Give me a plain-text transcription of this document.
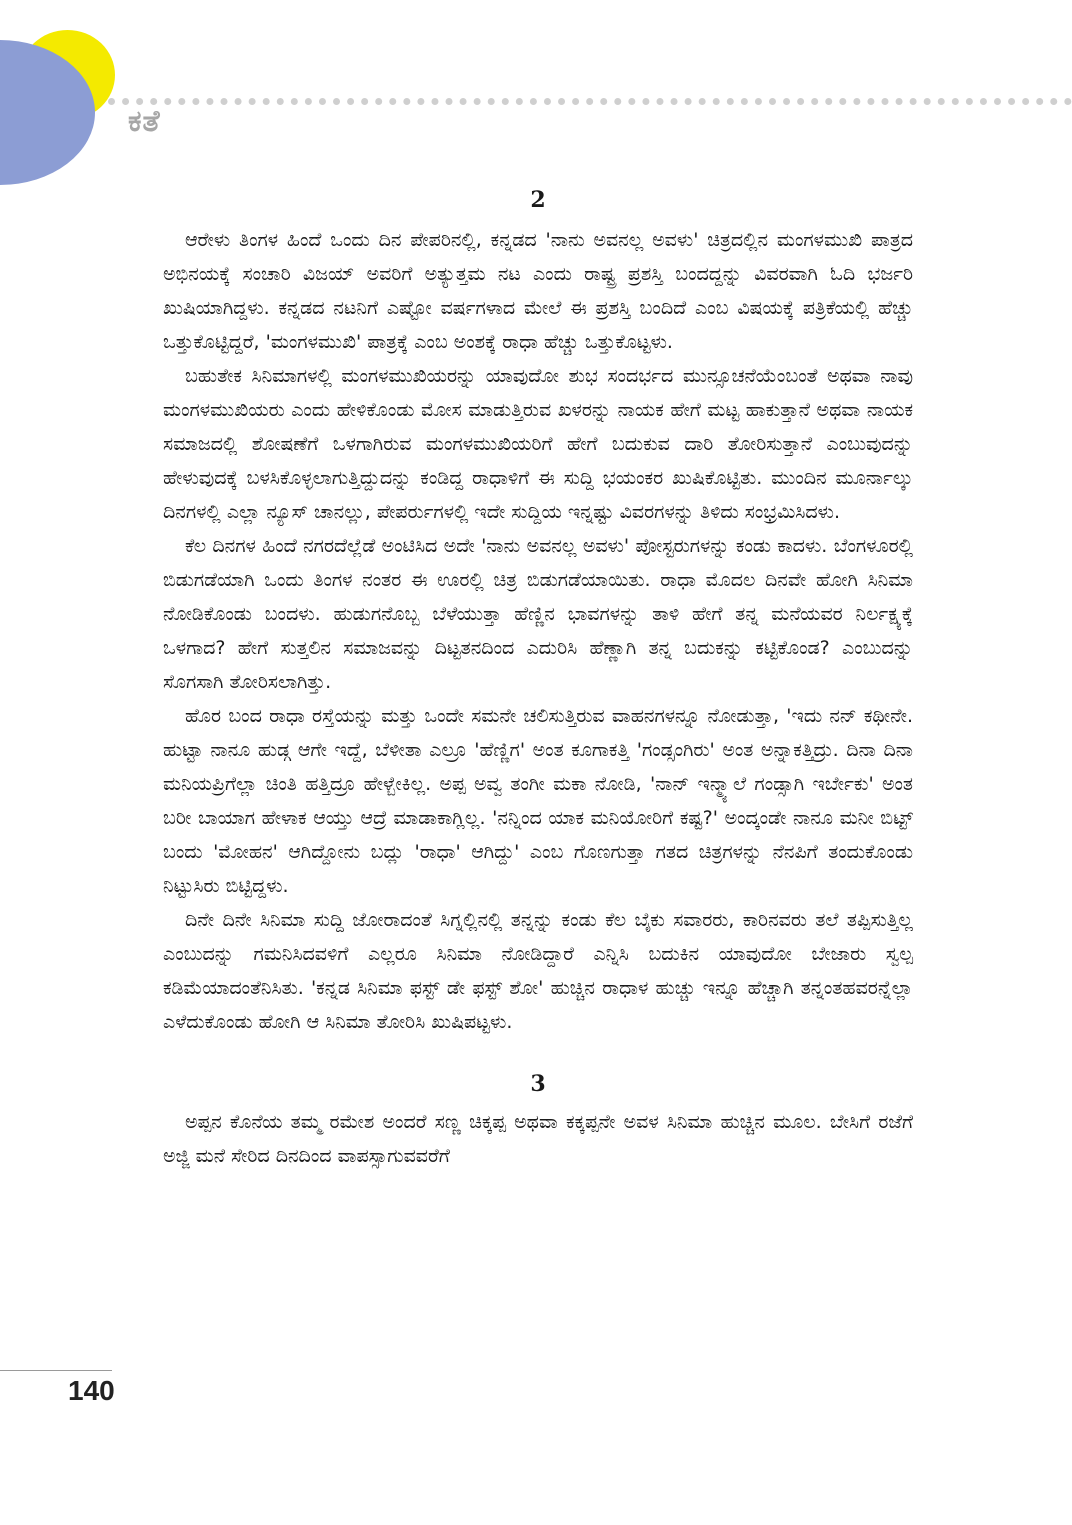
ಕತೆ
2

ಆರೇಳು ತಿಂಗಳ ಹಿಂದೆ ಒಂದು ದಿನ ಪೇಪರಿನಲ್ಲಿ, ಕನ್ನಡದ 'ನಾನು ಅವನಲ್ಲ ಅವಳು' ಚಿತ್ರದಲ್ಲಿನ ಮಂಗಳಮುಖಿ ಪಾತ್ರದ ಅಭಿನಯಕ್ಕೆ ಸಂಚಾರಿ ವಿಜಯ್ ಅವರಿಗೆ ಅತ್ಯುತ್ತಮ ನಟ ಎಂದು ರಾಷ್ಟ್ರ ಪ್ರಶಸ್ತಿ ಬಂದದ್ದನ್ನು ವಿವರವಾಗಿ ಓದಿ ಭರ್ಜರಿ ಖುಷಿಯಾಗಿದ್ದಳು. ಕನ್ನಡದ ನಟನಿಗೆ ಎಷ್ಟೋ ವರ್ಷಗಳಾದ ಮೇಲೆ ಈ ಪ್ರಶಸ್ತಿ ಬಂದಿದೆ ಎಂಬ ವಿಷಯಕ್ಕೆ ಪತ್ರಿಕೆಯಲ್ಲಿ ಹೆಚ್ಚು ಒತ್ತುಕೊಟ್ಟಿದ್ದರೆ, 'ಮಂಗಳಮುಖಿ' ಪಾತ್ರಕ್ಕೆ ಎಂಬ ಅಂಶಕ್ಕೆ ರಾಧಾ ಹೆಚ್ಚು ಒತ್ತುಕೊಟ್ಟಳು.

ಬಹುತೇಕ ಸಿನಿಮಾಗಳಲ್ಲಿ ಮಂಗಳಮುಖಿಯರನ್ನು ಯಾವುದೋ ಶುಭ ಸಂದರ್ಭದ ಮುನ್ಸೂಚನೆಯೆಂಬಂತೆ ಅಥವಾ ನಾವು ಮಂಗಳಮುಖಿಯರು ಎಂದು ಹೇಳಿಕೊಂಡು ಮೋಸ ಮಾಡುತ್ತಿರುವ ಖಳರನ್ನು ನಾಯಕ ಹೇಗೆ ಮಟ್ಟ ಹಾಕುತ್ತಾನೆ ಅಥವಾ ನಾಯಕ ಸಮಾಜದಲ್ಲಿ ಶೋಷಣೆಗೆ ಒಳಗಾಗಿರುವ ಮಂಗಳಮುಖಿಯರಿಗೆ ಹೇಗೆ ಬದುಕುವ ದಾರಿ ತೋರಿಸುತ್ತಾನೆ ಎಂಬುವುದನ್ನು ಹೇಳುವುದಕ್ಕೆ ಬಳಸಿಕೊಳ್ಳಲಾಗುತ್ತಿದ್ದುದನ್ನು ಕಂಡಿದ್ದ ರಾಧಾಳಿಗೆ ಈ ಸುದ್ದಿ ಭಯಂಕರ ಖುಷಿಕೊಟ್ಟಿತು. ಮುಂದಿನ ಮೂರ್ನಾಲ್ಕು ದಿನಗಳಲ್ಲಿ ಎಲ್ಲಾ ನ್ಯೂಸ್ ಚಾನಲ್ಲು, ಪೇಪರ್ರುಗಳಲ್ಲಿ ಇದೇ ಸುದ್ದಿಯ ಇನ್ನಷ್ಟು ವಿವರಗಳನ್ನು ತಿಳಿದು ಸಂಭ್ರಮಿಸಿದಳು.

ಕೆಲ ದಿನಗಳ ಹಿಂದೆ ನಗರದೆಲ್ಲೆಡೆ ಅಂಟಿಸಿದ ಅದೇ 'ನಾನು ಅವನಲ್ಲ ಅವಳು' ಪೋಸ್ಟರುಗಳನ್ನು ಕಂಡು ಕಾದಳು. ಬೆಂಗಳೂರಲ್ಲಿ ಬಿಡುಗಡೆಯಾಗಿ ಒಂದು ತಿಂಗಳ ನಂತರ ಈ ಊರಲ್ಲಿ ಚಿತ್ರ ಬಿಡುಗಡೆಯಾಯಿತು. ರಾಧಾ ಮೊದಲ ದಿನವೇ ಹೋಗಿ ಸಿನಿಮಾ ನೋಡಿಕೊಂಡು ಬಂದಳು. ಹುಡುಗನೊಬ್ಬ ಬೆಳೆಯುತ್ತಾ ಹೆಣ್ಣಿನ ಭಾವಗಳನ್ನು ತಾಳಿ ಹೇಗೆ ತನ್ನ ಮನೆಯವರ ನಿರ್ಲಕ್ಷ್ಯಕ್ಕೆ ಒಳಗಾದ? ಹೇಗೆ ಸುತ್ತಲಿನ ಸಮಾಜವನ್ನು ದಿಟ್ಟತನದಿಂದ ಎದುರಿಸಿ ಹೆಣ್ಣಾಗಿ ತನ್ನ ಬದುಕನ್ನು ಕಟ್ಟಿಕೊಂಡ? ಎಂಬುದನ್ನು ಸೊಗಸಾಗಿ ತೋರಿಸಲಾಗಿತ್ತು.

ಹೊರ ಬಂದ ರಾಧಾ ರಸ್ತೆಯನ್ನು ಮತ್ತು ಒಂದೇ ಸಮನೇ ಚಲಿಸುತ್ತಿರುವ ವಾಹನಗಳನ್ನೂ ನೋಡುತ್ತಾ, 'ಇದು ನನ್ ಕಥೀನೇ. ಹುಟ್ಟಾ ನಾನೂ ಹುಡ್ಗ ಆಗೇ ಇದ್ದೆ, ಬೆಳೀತಾ ಎಲ್ರೂ 'ಹೆಣ್ಣಿಗ' ಅಂತ ಕೂಗಾಕತ್ತಿ 'ಗಂಡ್ಸಂಗಿರು' ಅಂತ ಅನ್ನಾಕತ್ತಿದ್ರು. ದಿನಾ ದಿನಾ ಮನಿಯಪ್ರಿಗೆಲ್ಲಾ ಚಿಂತಿ ಹತ್ತಿದ್ರೂ ಹೇಳ್ಬೇಕಿಲ್ಲ. ಅಪ್ಪ ಅವ್ವ ತಂಗೀ ಮಕಾ ನೋಡಿ, 'ನಾನ್ ಇನ್ಮ್ಯಾಲೆ ಗಂಡ್ಸಾಗಿ ಇರ್ಬೇಕು' ಅಂತ ಬರೀ ಬಾಯಾಗ ಹೇಳಾಕ ಆಯ್ತು ಆದ್ರೆ ಮಾಡಾಕಾಗ್ಲಿಲ್ಲ. 'ನನ್ನಿಂದ ಯಾಕ ಮನಿಯೋರಿಗೆ ಕಷ್ಟ?' ಅಂದ್ಕಂಡೇ ನಾನೂ ಮನೀ ಬಿಟ್ಟ್ ಬಂದು 'ಮೋಹನ' ಆಗಿದ್ದೋನು ಬದ್ಲು 'ರಾಧಾ' ಆಗಿದ್ದು' ಎಂಬ ಗೊಣಗುತ್ತಾ ಗತದ ಚಿತ್ರಗಳನ್ನು ನೆನಪಿಗೆ ತಂದುಕೊಂಡು ನಿಟ್ಟುಸಿರು ಬಿಟ್ಟಿದ್ದಳು.

ದಿನೇ ದಿನೇ ಸಿನಿಮಾ ಸುದ್ದಿ ಜೋರಾದಂತೆ ಸಿಗ್ನಲ್ಲಿನಲ್ಲಿ ತನ್ನನ್ನು ಕಂಡು ಕೆಲ ಬೈಕು ಸವಾರರು, ಕಾರಿನವರು ತಲೆ ತಪ್ಪಿಸುತ್ತಿಲ್ಲ ಎಂಬುದನ್ನು ಗಮನಿಸಿದವಳಿಗೆ ಎಲ್ಲರೂ ಸಿನಿಮಾ ನೋಡಿದ್ದಾರೆ ಎನ್ನಿಸಿ ಬದುಕಿನ ಯಾವುದೋ ಬೇಜಾರು ಸ್ವಲ್ಪ ಕಡಿಮೆಯಾದಂತೆನಿಸಿತು. 'ಕನ್ನಡ ಸಿನಿಮಾ ಫಸ್ಟ್ ಡೇ ಫಸ್ಟ್ ಶೋ' ಹುಚ್ಚಿನ ರಾಧಾಳ ಹುಚ್ಚು ಇನ್ನೂ ಹೆಚ್ಚಾಗಿ ತನ್ನಂತಹವರನ್ನೆಲ್ಲಾ ಎಳೆದುಕೊಂಡು ಹೋಗಿ ಆ ಸಿನಿಮಾ ತೋರಿಸಿ ಖುಷಿಪಟ್ಟಳು.

3

ಅಪ್ಪನ ಕೊನೆಯ ತಮ್ಮ ರಮೇಶ ಅಂದರೆ ಸಣ್ಣ ಚಿಕ್ಕಪ್ಪ ಅಥವಾ ಕಕ್ಕಪ್ಪನೇ ಅವಳ ಸಿನಿಮಾ ಹುಚ್ಚಿನ ಮೂಲ. ಬೇಸಿಗೆ ರಜೆಗೆ ಅಜ್ಜಿ ಮನೆ ಸೇರಿದ ದಿನದಿಂದ ವಾಪಸ್ಸಾಗುವವರೆಗೆ

140
